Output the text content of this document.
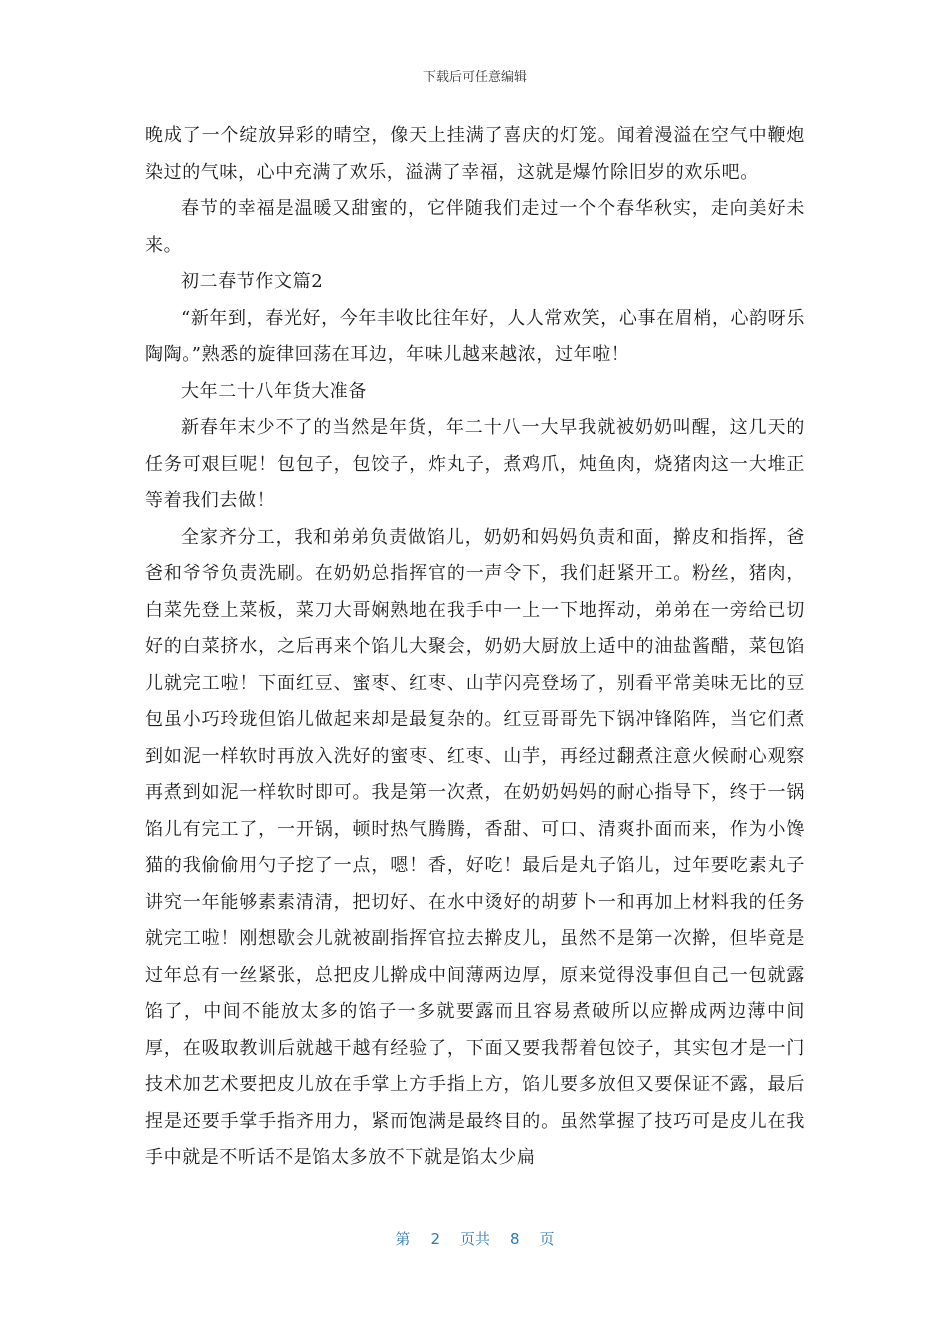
下载后可任意编辑

晚成了一个绽放异彩的晴空，像天上挂满了喜庆的灯笼。闻着漫溢在空气中鞭炮染过的气味，心中充满了欢乐，溢满了幸福，这就是爆竹除旧岁的欢乐吧。

春节的幸福是温暖又甜蜜的，它伴随我们走过一个个春华秋实，走向美好未来。

初二春节作文篇2

“新年到，春光好，今年丰收比往年好，人人常欢笑，心事在眉梢，心韵呀乐陶陶。”熟悉的旋律回荡在耳边，年味儿越来越浓，过年啦！

大年二十八年货大准备

新春年末少不了的当然是年货，年二十八一大早我就被奶奶叫醒，这几天的任务可艰巨呢！包包子，包饺子，炸丸子，煮鸡爪，炖鱼肉，烧猪肉这一大堆正等着我们去做！

全家齐分工，我和弟弟负责做馅儿，奶奶和妈妈负责和面，擀皮和指挥，爸爸和爷爷负责洗刷。在奶奶总指挥官的一声令下，我们赶紧开工。粉丝，猪肉，白菜先登上菜板，菜刀大哥娴熟地在我手中一上一下地挥动，弟弟在一旁给已切好的白菜挤水，之后再来个馅儿大聚会，奶奶大厨放上适中的油盐酱醋，菜包馅儿就完工啦！下面红豆、蜜枣、红枣、山芋闪亮登场了，别看平常美味无比的豆包虽小巧玲珑但馅儿做起来却是最复杂的。红豆哥哥先下锅冲锋陷阵，当它们煮到如泥一样软时再放入洗好的蜜枣、红枣、山芋，再经过翻煮注意火候耐心观察再煮到如泥一样软时即可。我是第一次煮，在奶奶妈妈的耐心指导下，终于一锅馅儿有完工了，一开锅，顿时热气腾腾，香甜、可口、清爽扑面而来，作为小馋猫的我偷偷用勺子挖了一点，嗯！香，好吃！最后是丸子馅儿，过年要吃素丸子讲究一年能够素素清清，把切好、在水中烫好的胡萝卜一和再加上材料我的任务就完工啦！刚想歇会儿就被副指挥官拉去擀皮儿，虽然不是第一次擀，但毕竟是过年总有一丝紧张，总把皮儿擀成中间薄两边厚，原来觉得没事但自己一包就露馅了，中间不能放太多的馅子一多就要露而且容易煮破所以应擀成两边薄中间厚，在吸取教训后就越干越有经验了，下面又要我帮着包饺子，其实包才是一门技术加艺术要把皮儿放在手掌上方手指上方，馅儿要多放但又要保证不露，最后捏是还要手掌手指齐用力，紧而饱满是最终目的。虽然掌握了技巧可是皮儿在我手中就是不听话不是馅太多放不下就是馅太少扁

第 2 页共 8 页
